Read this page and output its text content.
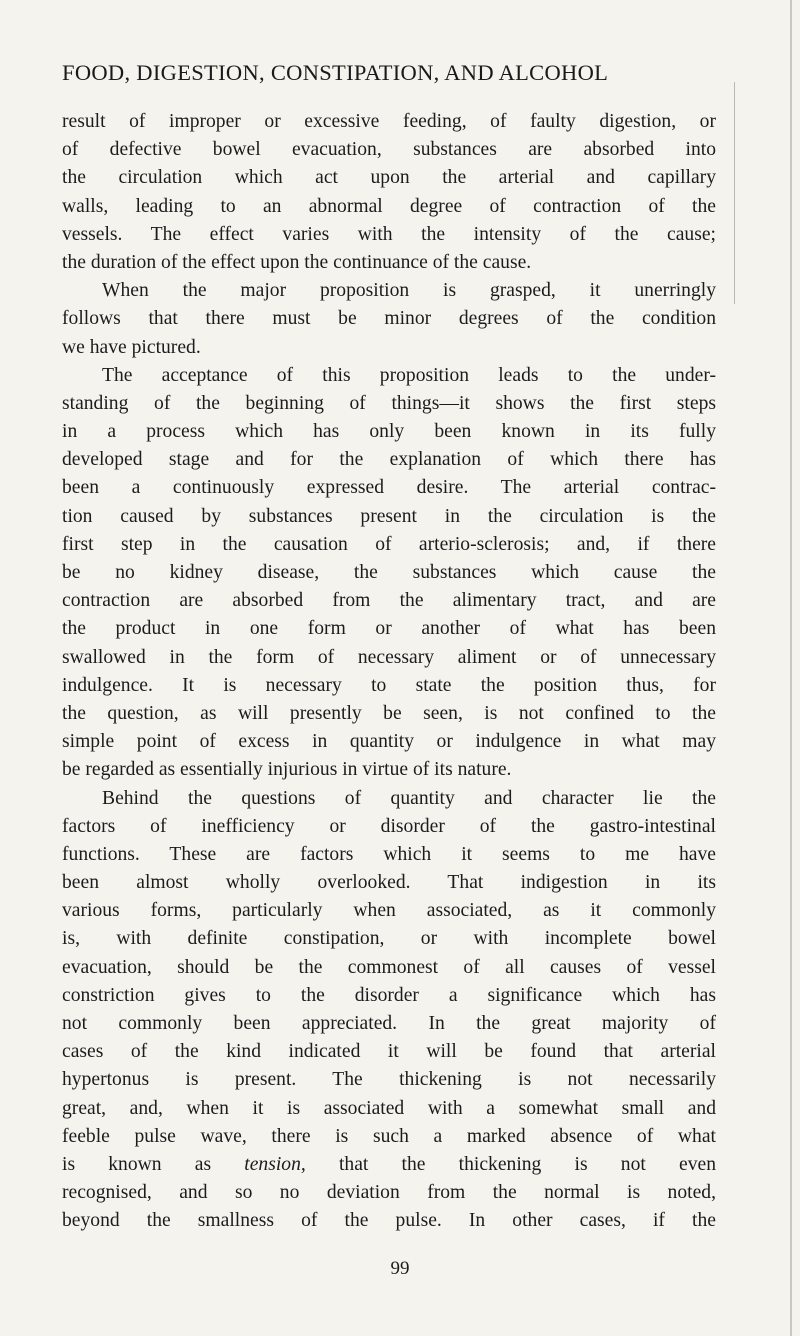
FOOD, DIGESTION, CONSTIPATION, AND ALCOHOL
result of improper or excessive feeding, of faulty digestion, or
of defective bowel evacuation, substances are absorbed into
the circulation which act upon the arterial and capillary
walls, leading to an abnormal degree of contraction of the
vessels. The effect varies with the intensity of the cause;
the duration of the effect upon the continuance of the cause.
When the major proposition is grasped, it unerringly
follows that there must be minor degrees of the condition
we have pictured.
The acceptance of this proposition leads to the under-
standing of the beginning of things—it shows the first steps
in a process which has only been known in its fully
developed stage and for the explanation of which there has
been a continuously expressed desire. The arterial contrac-
tion caused by substances present in the circulation is the
first step in the causation of arterio-sclerosis; and, if there
be no kidney disease, the substances which cause the
contraction are absorbed from the alimentary tract, and are
the product in one form or another of what has been
swallowed in the form of necessary aliment or of unnecessary
indulgence. It is necessary to state the position thus, for
the question, as will presently be seen, is not confined to the
simple point of excess in quantity or indulgence in what may
be regarded as essentially injurious in virtue of its nature.
Behind the questions of quantity and character lie the
factors of inefficiency or disorder of the gastro-intestinal
functions. These are factors which it seems to me have
been almost wholly overlooked. That indigestion in its
various forms, particularly when associated, as it commonly
is, with definite constipation, or with incomplete bowel
evacuation, should be the commonest of all causes of vessel
constriction gives to the disorder a significance which has
not commonly been appreciated. In the great majority of
cases of the kind indicated it will be found that arterial
hypertonus is present. The thickening is not necessarily
great, and, when it is associated with a somewhat small and
feeble pulse wave, there is such a marked absence of what
is known as tension, that the thickening is not even
recognised, and so no deviation from the normal is noted,
beyond the smallness of the pulse. In other cases, if the
99
